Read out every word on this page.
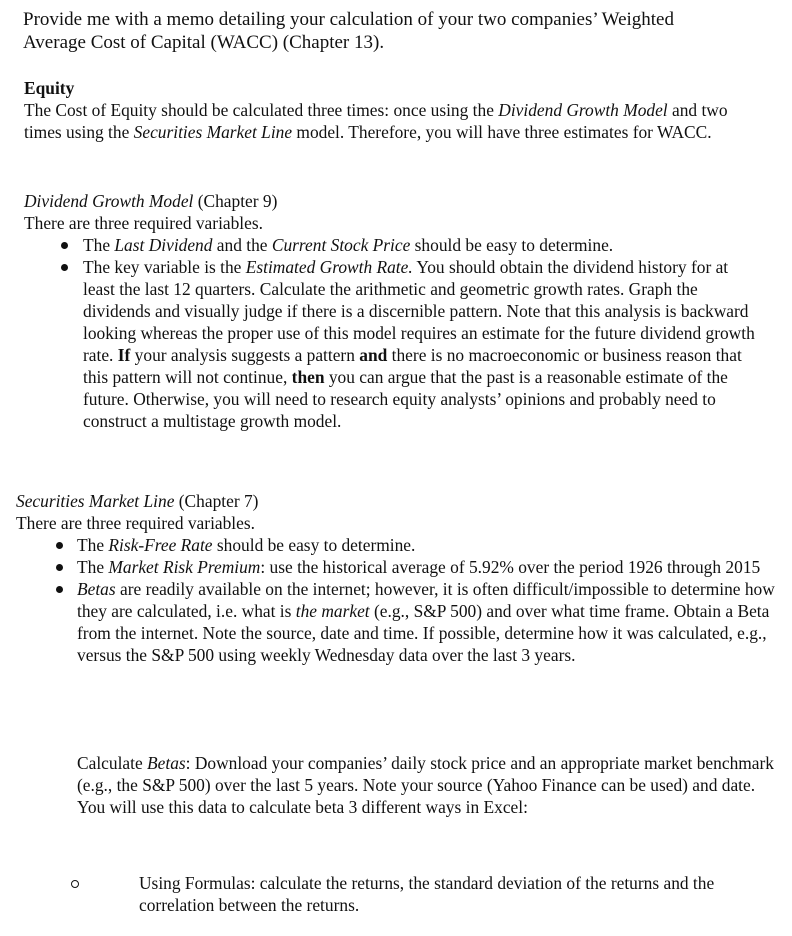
Provide me with a memo detailing your calculation of your two companies’ Weighted
Average Cost of Capital (WACC) (Chapter 13).
Equity
The Cost of Equity should be calculated three times: once using the Dividend Growth Model and two times using the Securities Market Line model. Therefore, you will have three estimates for WACC.
Dividend Growth Model (Chapter 9)
There are three required variables.
The Last Dividend and the Current Stock Price should be easy to determine.
The key variable is the Estimated Growth Rate. You should obtain the dividend history for at least the last 12 quarters. Calculate the arithmetic and geometric growth rates. Graph the dividends and visually judge if there is a discernible pattern. Note that this analysis is backward looking whereas the proper use of this model requires an estimate for the future dividend growth rate. If your analysis suggests a pattern and there is no macroeconomic or business reason that this pattern will not continue, then you can argue that the past is a reasonable estimate of the future. Otherwise, you will need to research equity analysts’ opinions and probably need to construct a multistage growth model.
Securities Market Line (Chapter 7)
There are three required variables.
The Risk-Free Rate should be easy to determine.
The Market Risk Premium: use the historical average of 5.92% over the period 1926 through 2015
Betas are readily available on the internet; however, it is often difficult/impossible to determine how they are calculated, i.e. what is the market (e.g., S&P 500) and over what time frame. Obtain a Beta from the internet. Note the source, date and time. If possible, determine how it was calculated, e.g., versus the S&P 500 using weekly Wednesday data over the last 3 years.
Calculate Betas: Download your companies’ daily stock price and an appropriate market benchmark (e.g., the S&P 500) over the last 5 years. Note your source (Yahoo Finance can be used) and date. You will use this data to calculate beta 3 different ways in Excel:
Using Formulas: calculate the returns, the standard deviation of the returns and the correlation between the returns.
